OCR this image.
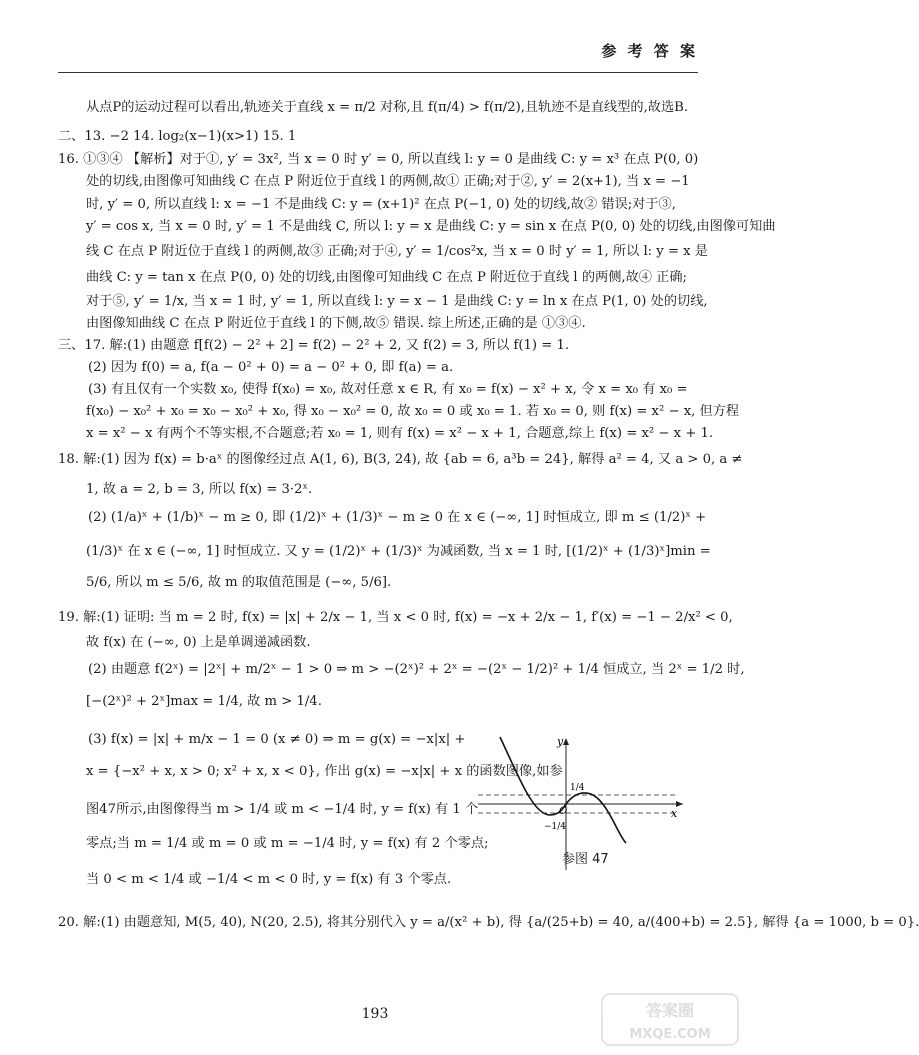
参 考 答 案
从点P的运动过程可以看出,轨迹关于直线 x = π/2 对称,且 f(π/4) > f(π/2),且轨迹不是直线型的,故选B.
二、13. −2 14. log₂(x−1)(x>1) 15. 1
16. ①③④ 【解析】对于①, y′ = 3x², 当 x = 0 时 y′ = 0, 所以直线 l: y = 0 是曲线 C: y = x³ 在点 P(0, 0)
处的切线,由图像可知曲线 C 在点 P 附近位于直线 l 的两侧,故① 正确;对于②, y′ = 2(x+1), 当 x = −1
时, y′ = 0, 所以直线 l: x = −1 不是曲线 C: y = (x+1)² 在点 P(−1, 0) 处的切线,故② 错误;对于③,
y′ = cos x, 当 x = 0 时, y′ = 1 不是曲线 C, 所以 l: y = x 是曲线 C: y = sin x 在点 P(0, 0) 处的切线,由图像可知曲
线 C 在点 P 附近位于直线 l 的两侧,故③ 正确;对于④, y′ = 1/cos²x, 当 x = 0 时 y′ = 1, 所以 l: y = x 是
曲线 C: y = tan x 在点 P(0, 0) 处的切线,由图像可知曲线 C 在点 P 附近位于直线 l 的两侧,故④ 正确;
对于⑤, y′ = 1/x, 当 x = 1 时, y′ = 1, 所以直线 l: y = x − 1 是曲线 C: y = ln x 在点 P(1, 0) 处的切线,
由图像知曲线 C 在点 P 附近位于直线 l 的下侧,故⑤ 错误. 综上所述,正确的是 ①③④.
三、17. 解:(1) 由题意 f[f(2) − 2² + 2] = f(2) − 2² + 2, 又 f(2) = 3, 所以 f(1) = 1.
(2) 因为 f(0) = a, f(a − 0² + 0) = a − 0² + 0, 即 f(a) = a.
(3) 有且仅有一个实数 x₀, 使得 f(x₀) = x₀, 故对任意 x ∈ R, 有 x₀ = f(x) − x² + x, 令 x = x₀ 有 x₀ =
f(x₀) − x₀² + x₀ = x₀ − x₀² + x₀, 得 x₀ − x₀² = 0, 故 x₀ = 0 或 x₀ = 1. 若 x₀ = 0, 则 f(x) = x² − x, 但方程
x = x² − x 有两个不等实根,不合题意;若 x₀ = 1, 则有 f(x) = x² − x + 1, 合题意,综上 f(x) = x² − x + 1.
18. 解:(1) 因为 f(x) = b·aˣ 的图像经过点 A(1, 6), B(3, 24), 故 {ab = 6, a³b = 24}, 解得 a² = 4, 又 a > 0, a ≠
1, 故 a = 2, b = 3, 所以 f(x) = 3·2ˣ.
(2) (1/a)ˣ + (1/b)ˣ − m ≥ 0, 即 (1/2)ˣ + (1/3)ˣ − m ≥ 0 在 x ∈ (−∞, 1] 时恒成立, 即 m ≤ (1/2)ˣ +
(1/3)ˣ 在 x ∈ (−∞, 1] 时恒成立. 又 y = (1/2)ˣ + (1/3)ˣ 为减函数, 当 x = 1 时, [(1/2)ˣ + (1/3)ˣ]min =
5/6, 所以 m ≤ 5/6, 故 m 的取值范围是 (−∞, 5/6].
19. 解:(1) 证明: 当 m = 2 时, f(x) = |x| + 2/x − 1, 当 x < 0 时, f(x) = −x + 2/x − 1, f′(x) = −1 − 2/x² < 0,
故 f(x) 在 (−∞, 0) 上是单调递减函数.
(2) 由题意 f(2ˣ) = |2ˣ| + m/2ˣ − 1 > 0 ⇒ m > −(2ˣ)² + 2ˣ = −(2ˣ − 1/2)² + 1/4 恒成立, 当 2ˣ = 1/2 时,
[−(2ˣ)² + 2ˣ]max = 1/4, 故 m > 1/4.
(3) f(x) = |x| + m/x − 1 = 0 (x ≠ 0) ⇒ m = g(x) = −x|x| +
x = {−x² + x, x > 0; x² + x, x < 0}, 作出 g(x) = −x|x| + x 的函数图像,如参
图47所示,由图像得当 m > 1/4 或 m < −1/4 时, y = f(x) 有 1 个
零点;当 m = 1/4 或 m = 0 或 m = −1/4 时, y = f(x) 有 2 个零点;
当 0 < m < 1/4 或 −1/4 < m < 0 时, y = f(x) 有 3 个零点.
20. 解:(1) 由题意知, M(5, 40), N(20, 2.5), 将其分别代入 y = a/(x² + b), 得 {a/(25+b) = 40, a/(400+b) = 2.5}, 解得 {a = 1000, b = 0}.
y
x
O
1/4
−1/4
参图 47
193	答案圈
MXQE.COM
